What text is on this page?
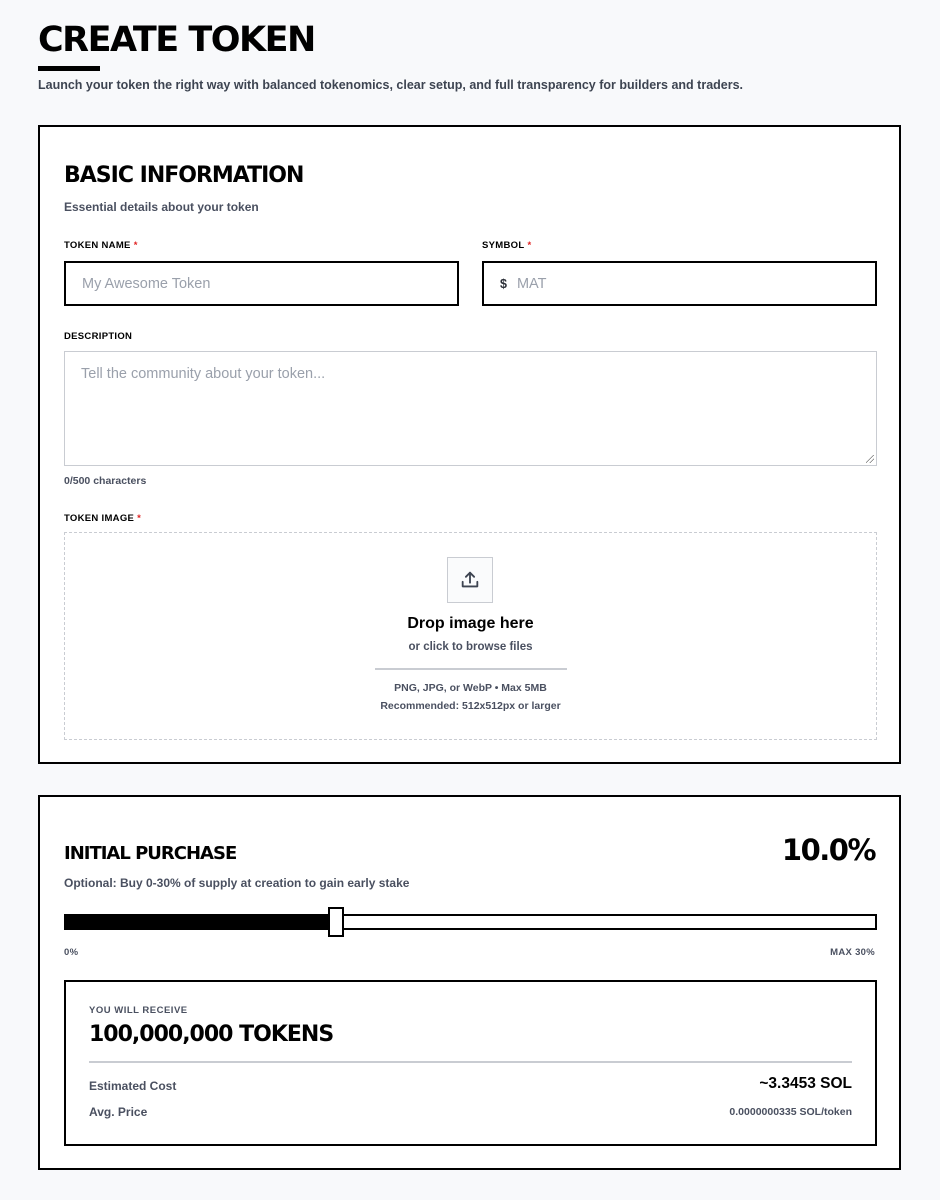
CREATE TOKEN

Launch your token the right way with balanced tokenomics, clear setup, and full transparency for builders and traders.

BASIC INFORMATION

Essential details about your token

TOKEN NAME *
My Awesome Token
SYMBOL *
$ MAT
DESCRIPTION
Tell the community about your token...

0/500 characters

TOKEN IMAGE *

Drop image here

or click to browse files

PNG, JPG, or WebP • Max 5MB

Recommended: 512x512px or larger

INITIAL PURCHASE	10.0%

Optional: Buy 0-30% of supply at creation to gain early stake

0%	MAX 30%

YOU WILL RECEIVE

100,000,000 TOKENS

Estimated Cost	~3.3453 SOL

Avg. Price	0.0000000335 SOL/token
